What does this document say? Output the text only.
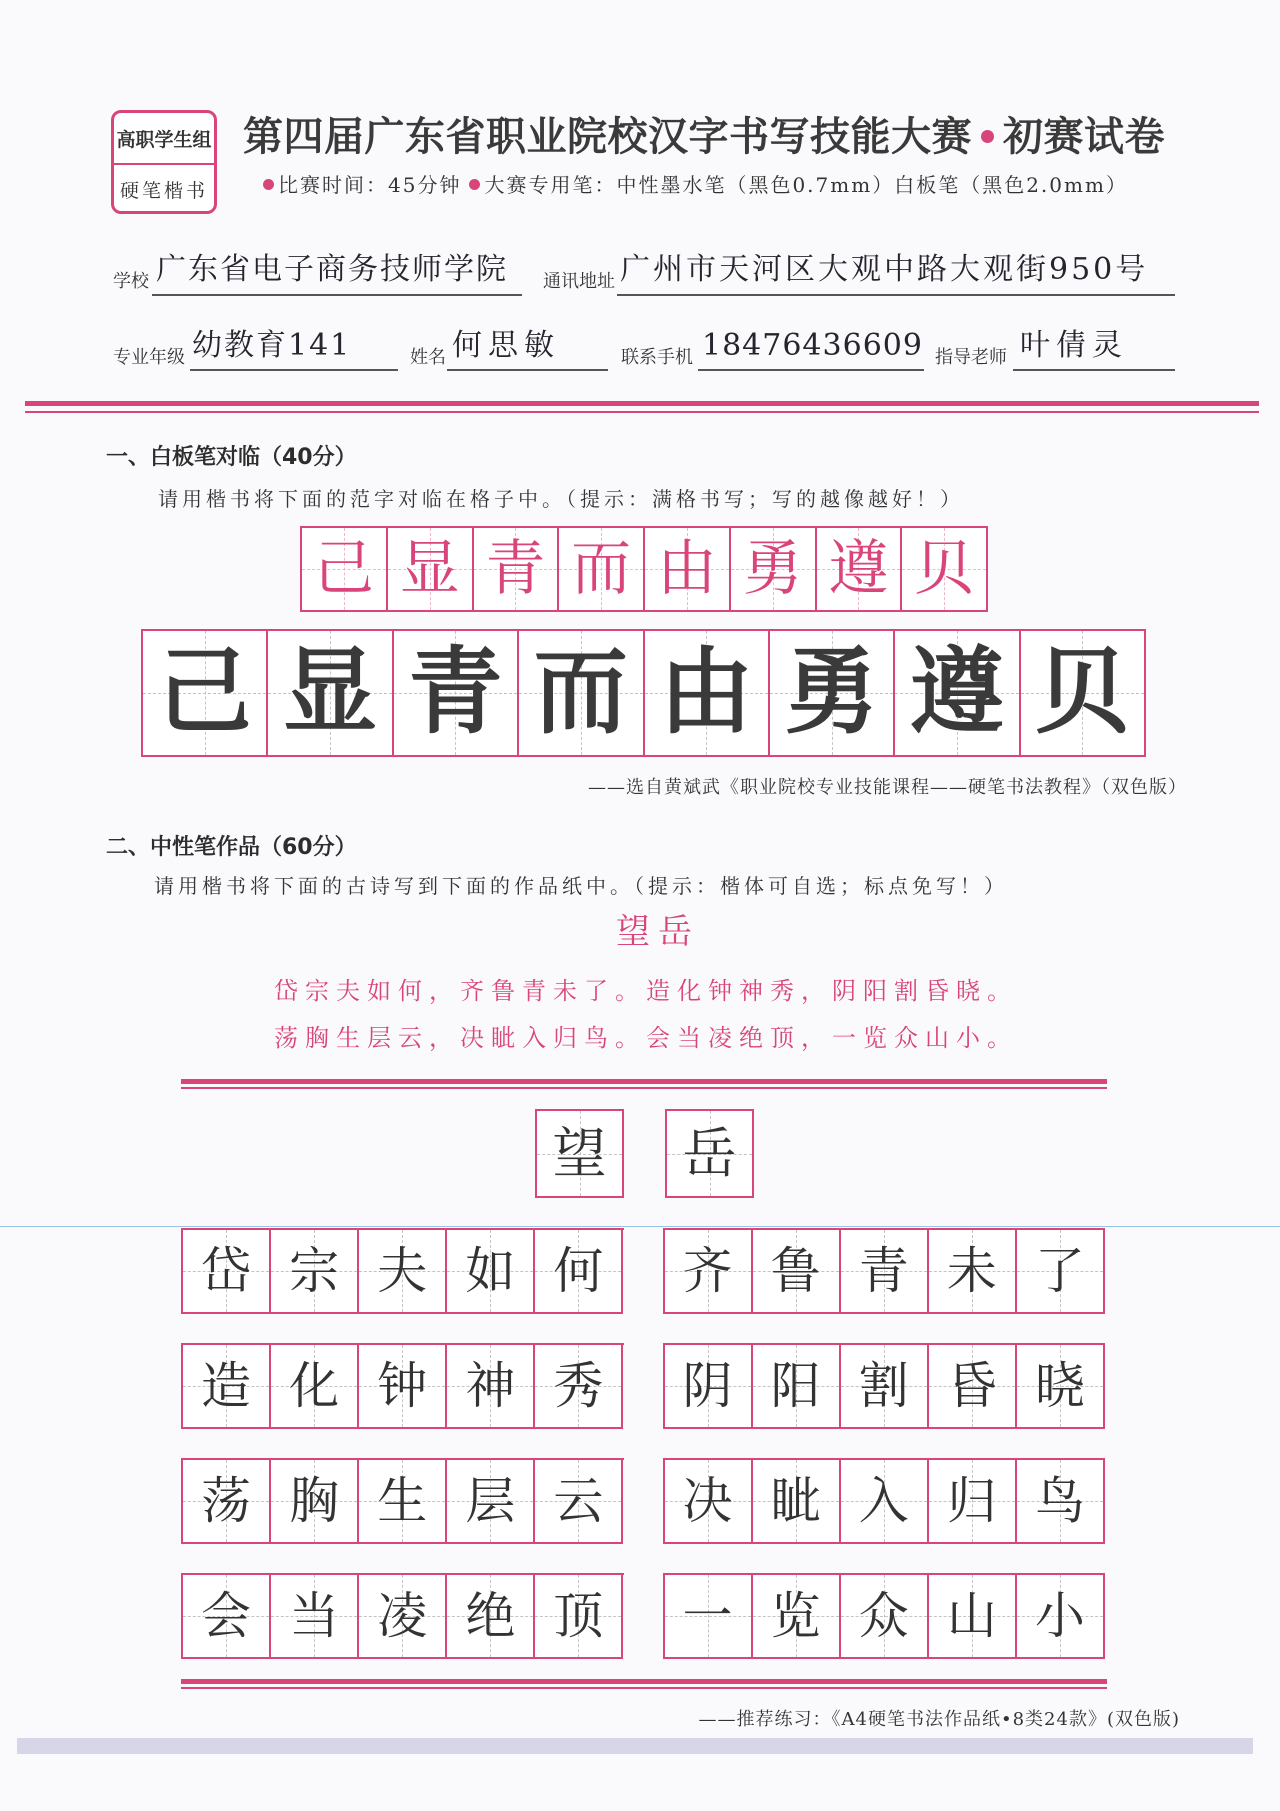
高职学生组
硬笔楷书
第四届广东省职业院校汉字书写技能大赛 初赛试卷
比赛时间：45分钟 大赛专用笔：中性墨水笔（黑色0.7mm）白板笔（黑色2.0mm）
学校 广东省电子商务技师学院 通讯地址 广州市天河区大观中路大观街950号
专业年级 幼教育141	姓名 何思敏	联系手机 18476436609 指导老师 叶倩灵
一、白板笔对临（40分）
请用楷书将下面的范字对临在格子中。（提示：满格书写；写的越像越好！）
己 显 青 而 由 勇 遵 贝
己 显 青 而 由 勇 遵 贝
——选自黄斌武《职业院校专业技能课程——硬笔书法教程》（双色版）
二、中性笔作品（60分）
请用楷书将下面的古诗写到下面的作品纸中。（提示：楷体可自选；标点免写！）
望岳
岱宗夫如何，齐鲁青未了。造化钟神秀，阴阳割昏晓。
荡胸生层云，决眦入归鸟。会当凌绝顶，一览众山小。
望 岳
岱 宗 夫 如 何 齐 鲁 青 未 了
造 化 钟 神 秀 阴 阳 割 昏 晓
荡 胸 生 层 云 决 眦 入 归 鸟
会 当 凌 绝 顶 一 览 众 山 小
——推荐练习：《A4硬笔书法作品纸•8类24款》(双色版)
